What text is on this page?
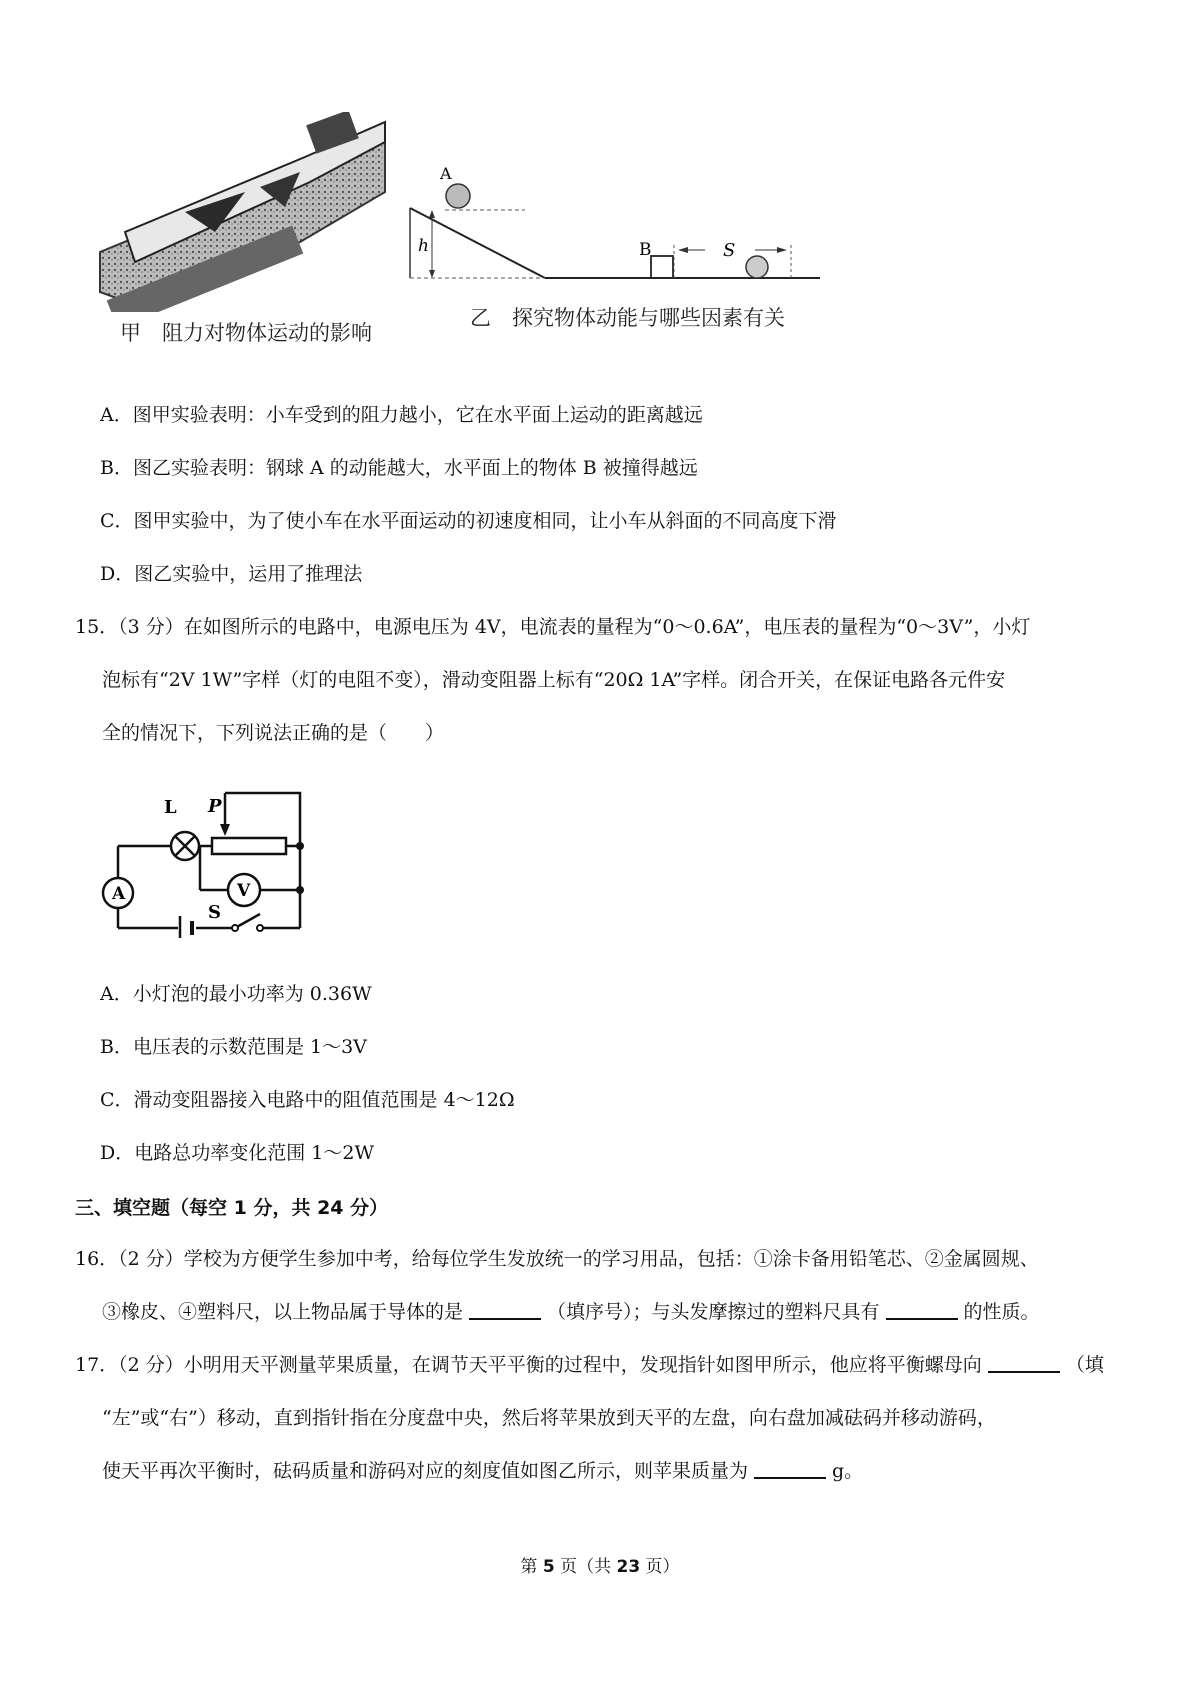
甲　阻力对物体运动的影响
A
h	B	S
乙　探究物体动能与哪些因素有关
A．图甲实验表明：小车受到的阻力越小，它在水平面上运动的距离越远
B．图乙实验表明：钢球 A 的动能越大，水平面上的物体 B 被撞得越远
C．图甲实验中，为了使小车在水平面运动的初速度相同，让小车从斜面的不同高度下滑
D．图乙实验中，运用了推理法
15．（3 分）在如图所示的电路中，电源电压为 4V，电流表的量程为“0～0.6A”，电压表的量程为“0～3V”，小灯
泡标有“2V 1W”字样（灯的电阻不变），滑动变阻器上标有“20Ω 1A”字样。闭合开关，在保证电路各元件安
全的情况下，下列说法正确的是（　　）
A	V
L P
S
A．小灯泡的最小功率为 0.36W
B．电压表的示数范围是 1～3V
C．滑动变阻器接入电路中的阻值范围是 4～12Ω
D．电路总功率变化范围 1～2W
三、填空题（每空 1 分，共 24 分）
16．（2 分）学校为方便学生参加中考，给每位学生发放统一的学习用品，包括：①涂卡备用铅笔芯、②金属圆规、
③橡皮、④塑料尺，以上物品属于导体的是	（填序号）；与头发摩擦过的塑料尺具有	的性质。
17．（2 分）小明用天平测量苹果质量，在调节天平平衡的过程中，发现指针如图甲所示，他应将平衡螺母向	（填
“左”或“右”）移动，直到指针指在分度盘中央，然后将苹果放到天平的左盘，向右盘加减砝码并移动游码，
使天平再次平衡时，砝码质量和游码对应的刻度值如图乙所示，则苹果质量为	g。
第 5 页（共 23 页）
